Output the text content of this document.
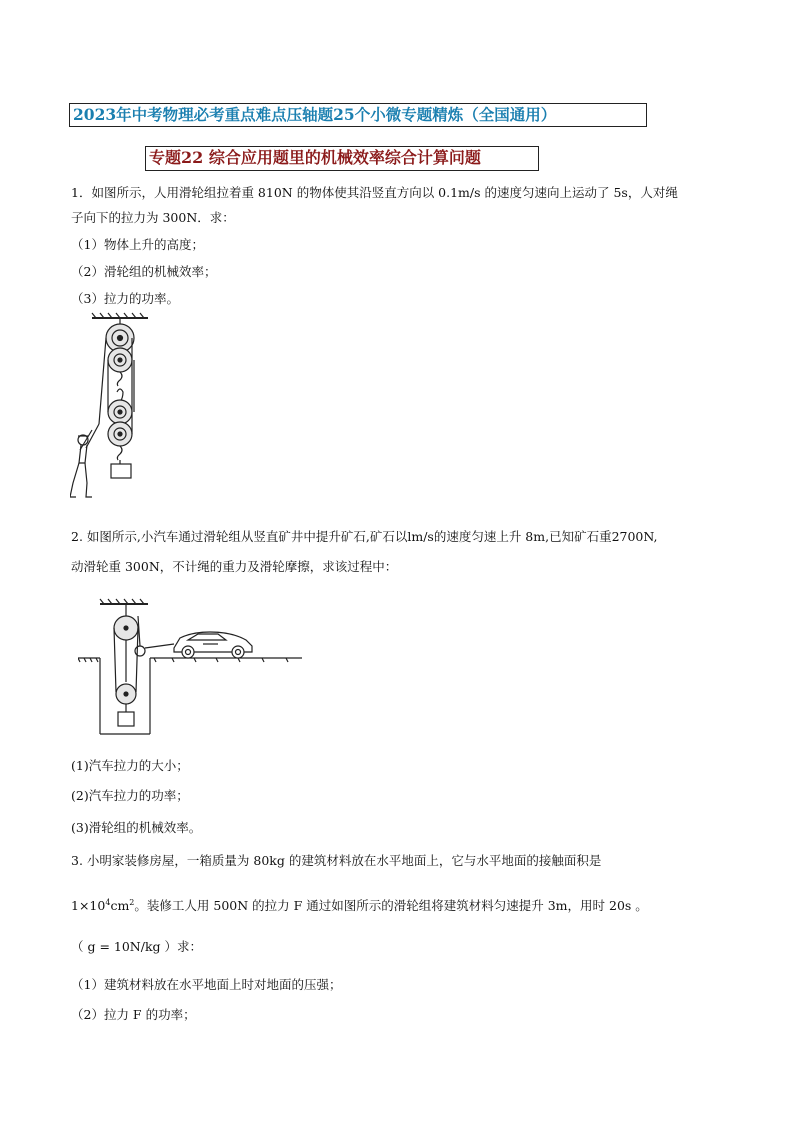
2023年中考物理必考重点难点压轴题25个小微专题精炼（全国通用）
专题22 综合应用题里的机械效率综合计算问题
1．如图所示，人用滑轮组拉着重 810N 的物体使其沿竖直方向以 0.1m/s 的速度匀速向上运动了 5s，人对绳
子向下的拉力为 300N．求：
（1）物体上升的高度；
（2）滑轮组的机械效率；
（3）拉力的功率。
2. 如图所示,小汽车通过滑轮组从竖直矿井中提升矿石,矿石以lm/s的速度匀速上升 8m,已知矿石重2700N,
动滑轮重 300N，不计绳的重力及滑轮摩擦，求该过程中：
(1)汽车拉力的大小；
(2)汽车拉力的功率；
(3)滑轮组的机械效率。
3. 小明家装修房屋，一箱质量为 80kg 的建筑材料放在水平地面上，它与水平地面的接触面积是
$1\times 10^4cm^2$。装修工人用 500N 的拉力 F 通过如图所示的滑轮组将建筑材料匀速提升 3m，用时 20s 。
（ g = 10N/kg ）求：
（1）建筑材料放在水平地面上时对地面的压强；
（2）拉力 F 的功率；
